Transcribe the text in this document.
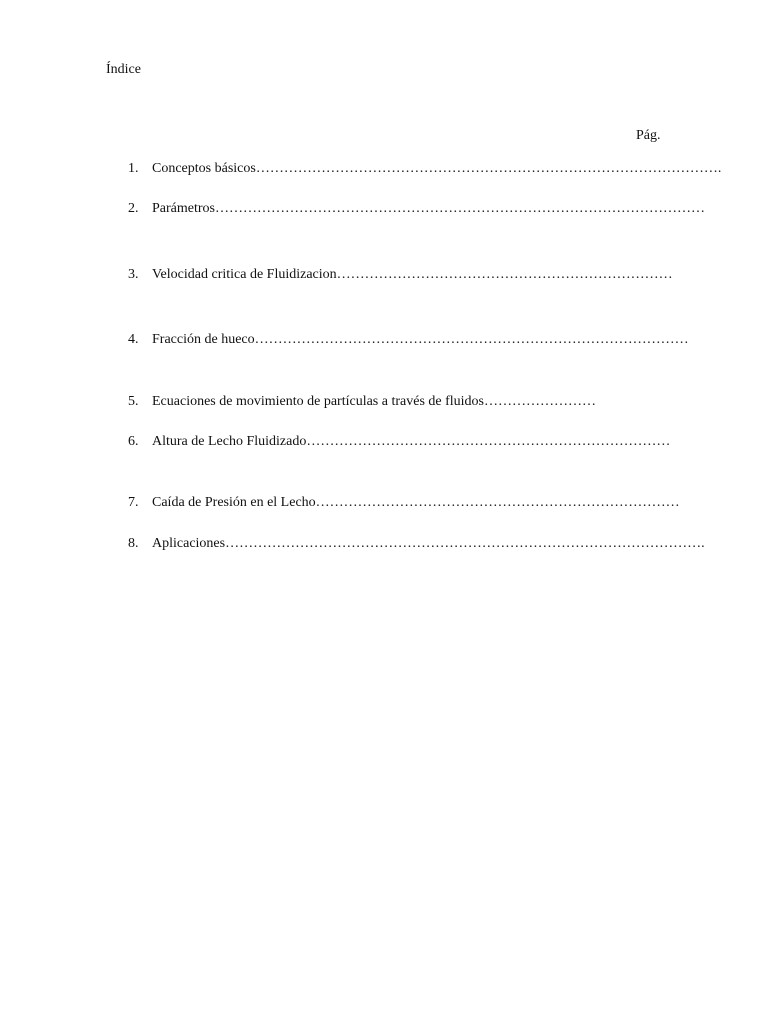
Índice
Pág.
1. Conceptos básicos ……………………………………………………………………………………….
2. Parámetros ……………………………………………………………………………………………
3. Velocidad critica de Fluidizacion ………………………………………………………………
4. Fracción de hueco …………………………………………………………………………………
5. Ecuaciones de movimiento de partículas a través de fluidos ……………………
6. Altura de Lecho Fluidizado ……………………………………………………………………
7. Caída de Presión en el Lecho ……………………………………………………………………
8. Aplicaciones ………………………………………………………………………………………….
